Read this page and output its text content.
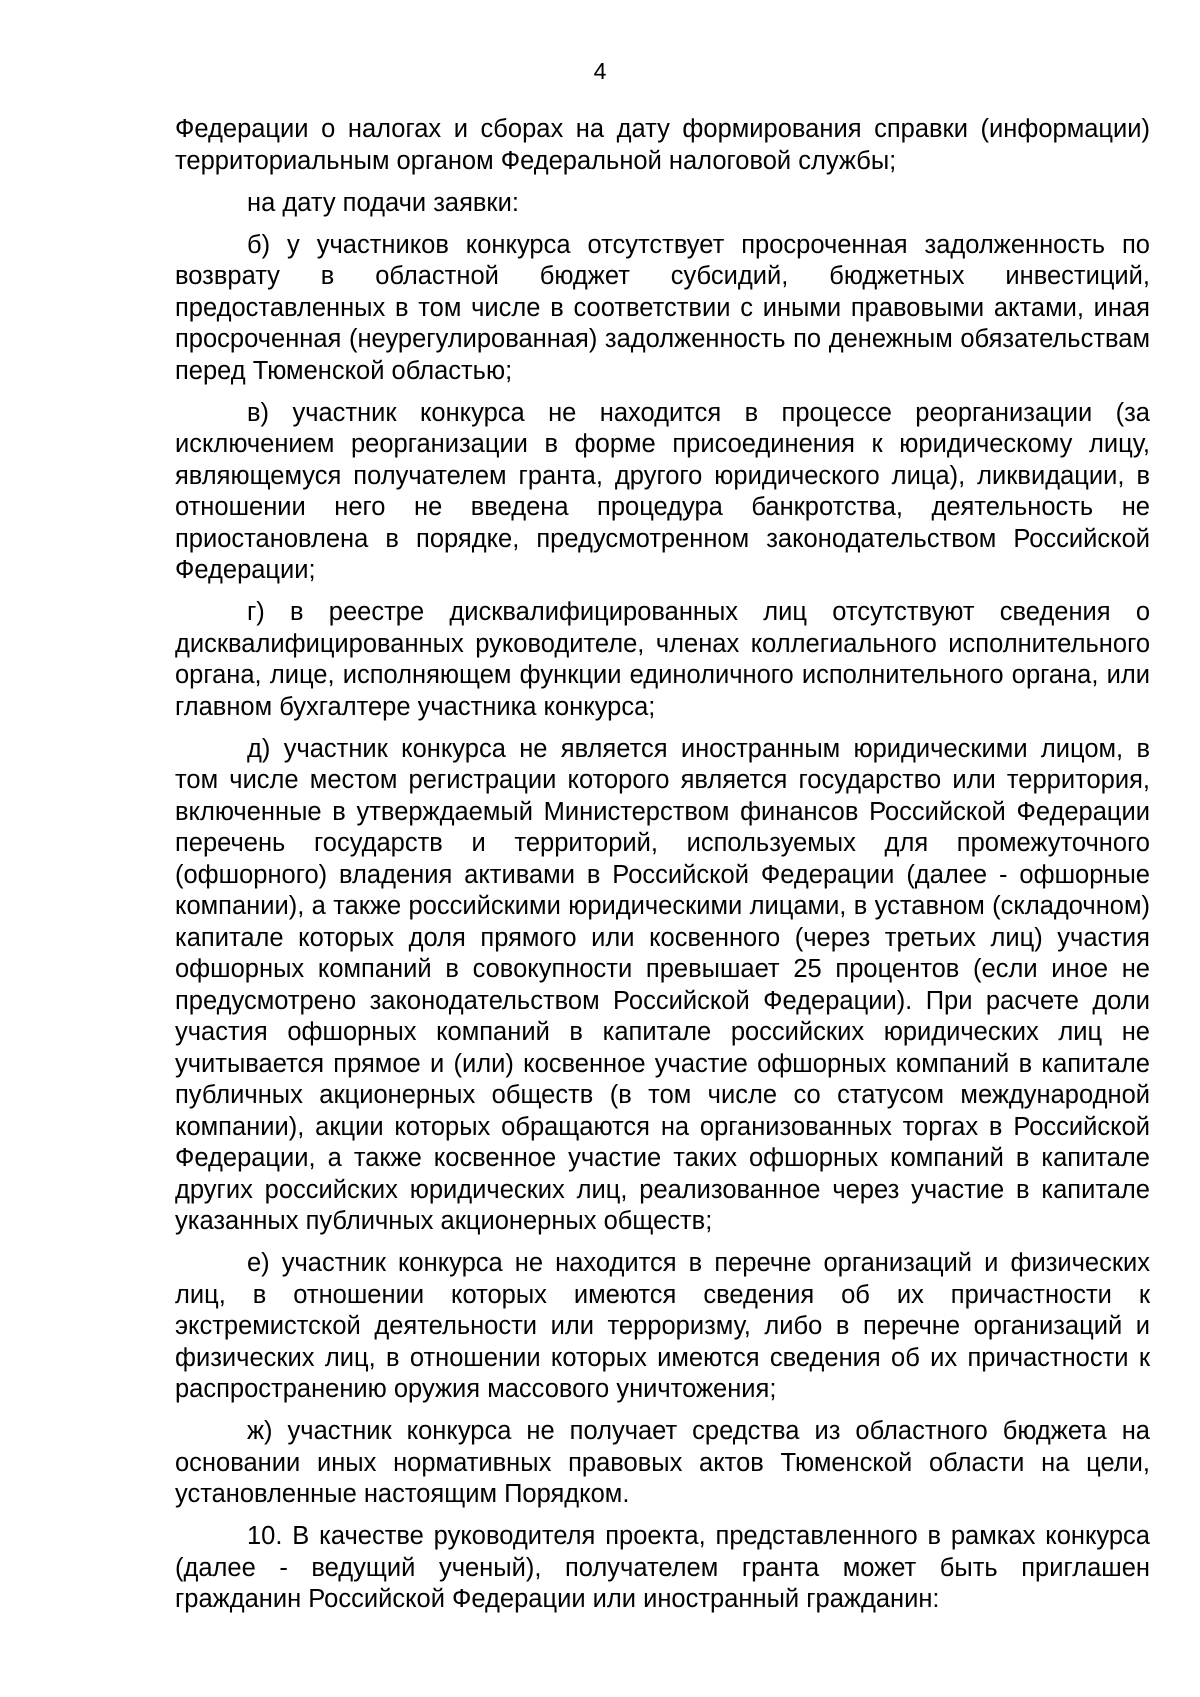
4

Федерации о налогах и сборах на дату формирования справки (информации) территориальным органом Федеральной налоговой службы;

на дату подачи заявки:

б) у участников конкурса отсутствует просроченная задолженность по возврату в областной бюджет субсидий, бюджетных инвестиций, предоставленных в том числе в соответствии с иными правовыми актами, иная просроченная (неурегулированная) задолженность по денежным обязательствам перед Тюменской областью;

в) участник конкурса не находится в процессе реорганизации (за исключением реорганизации в форме присоединения к юридическому лицу, являющемуся получателем гранта, другого юридического лица), ликвидации, в отношении него не введена процедура банкротства, деятельность не приостановлена в порядке, предусмотренном законодательством Российской Федерации;

г) в реестре дисквалифицированных лиц отсутствуют сведения о дисквалифицированных руководителе, членах коллегиального исполнительного органа, лице, исполняющем функции единоличного исполнительного органа, или главном бухгалтере участника конкурса;

д) участник конкурса не является иностранным юридическими лицом, в том числе местом регистрации которого является государство или территория, включенные в утверждаемый Министерством финансов Российской Федерации перечень государств и территорий, используемых для промежуточного (офшорного) владения активами в Российской Федерации (далее - офшорные компании), а также российскими юридическими лицами, в уставном (складочном) капитале которых доля прямого или косвенного (через третьих лиц) участия офшорных компаний в совокупности превышает 25 процентов (если иное не предусмотрено законодательством Российской Федерации). При расчете доли участия офшорных компаний в капитале российских юридических лиц не учитывается прямое и (или) косвенное участие офшорных компаний в капитале публичных акционерных обществ (в том числе со статусом международной компании), акции которых обращаются на организованных торгах в Российской Федерации, а также косвенное участие таких офшорных компаний в капитале других российских юридических лиц, реализованное через участие в капитале указанных публичных акционерных обществ;

е) участник конкурса не находится в перечне организаций и физических лиц, в отношении которых имеются сведения об их причастности к экстремистской деятельности или терроризму, либо в перечне организаций и физических лиц, в отношении которых имеются сведения об их причастности к распространению оружия массового уничтожения;

ж) участник конкурса не получает средства из областного бюджета на основании иных нормативных правовых актов Тюменской области на цели, установленные настоящим Порядком.

10. В качестве руководителя проекта, представленного в рамках конкурса (далее - ведущий ученый), получателем гранта может быть приглашен гражданин Российской Федерации или иностранный гражданин:
